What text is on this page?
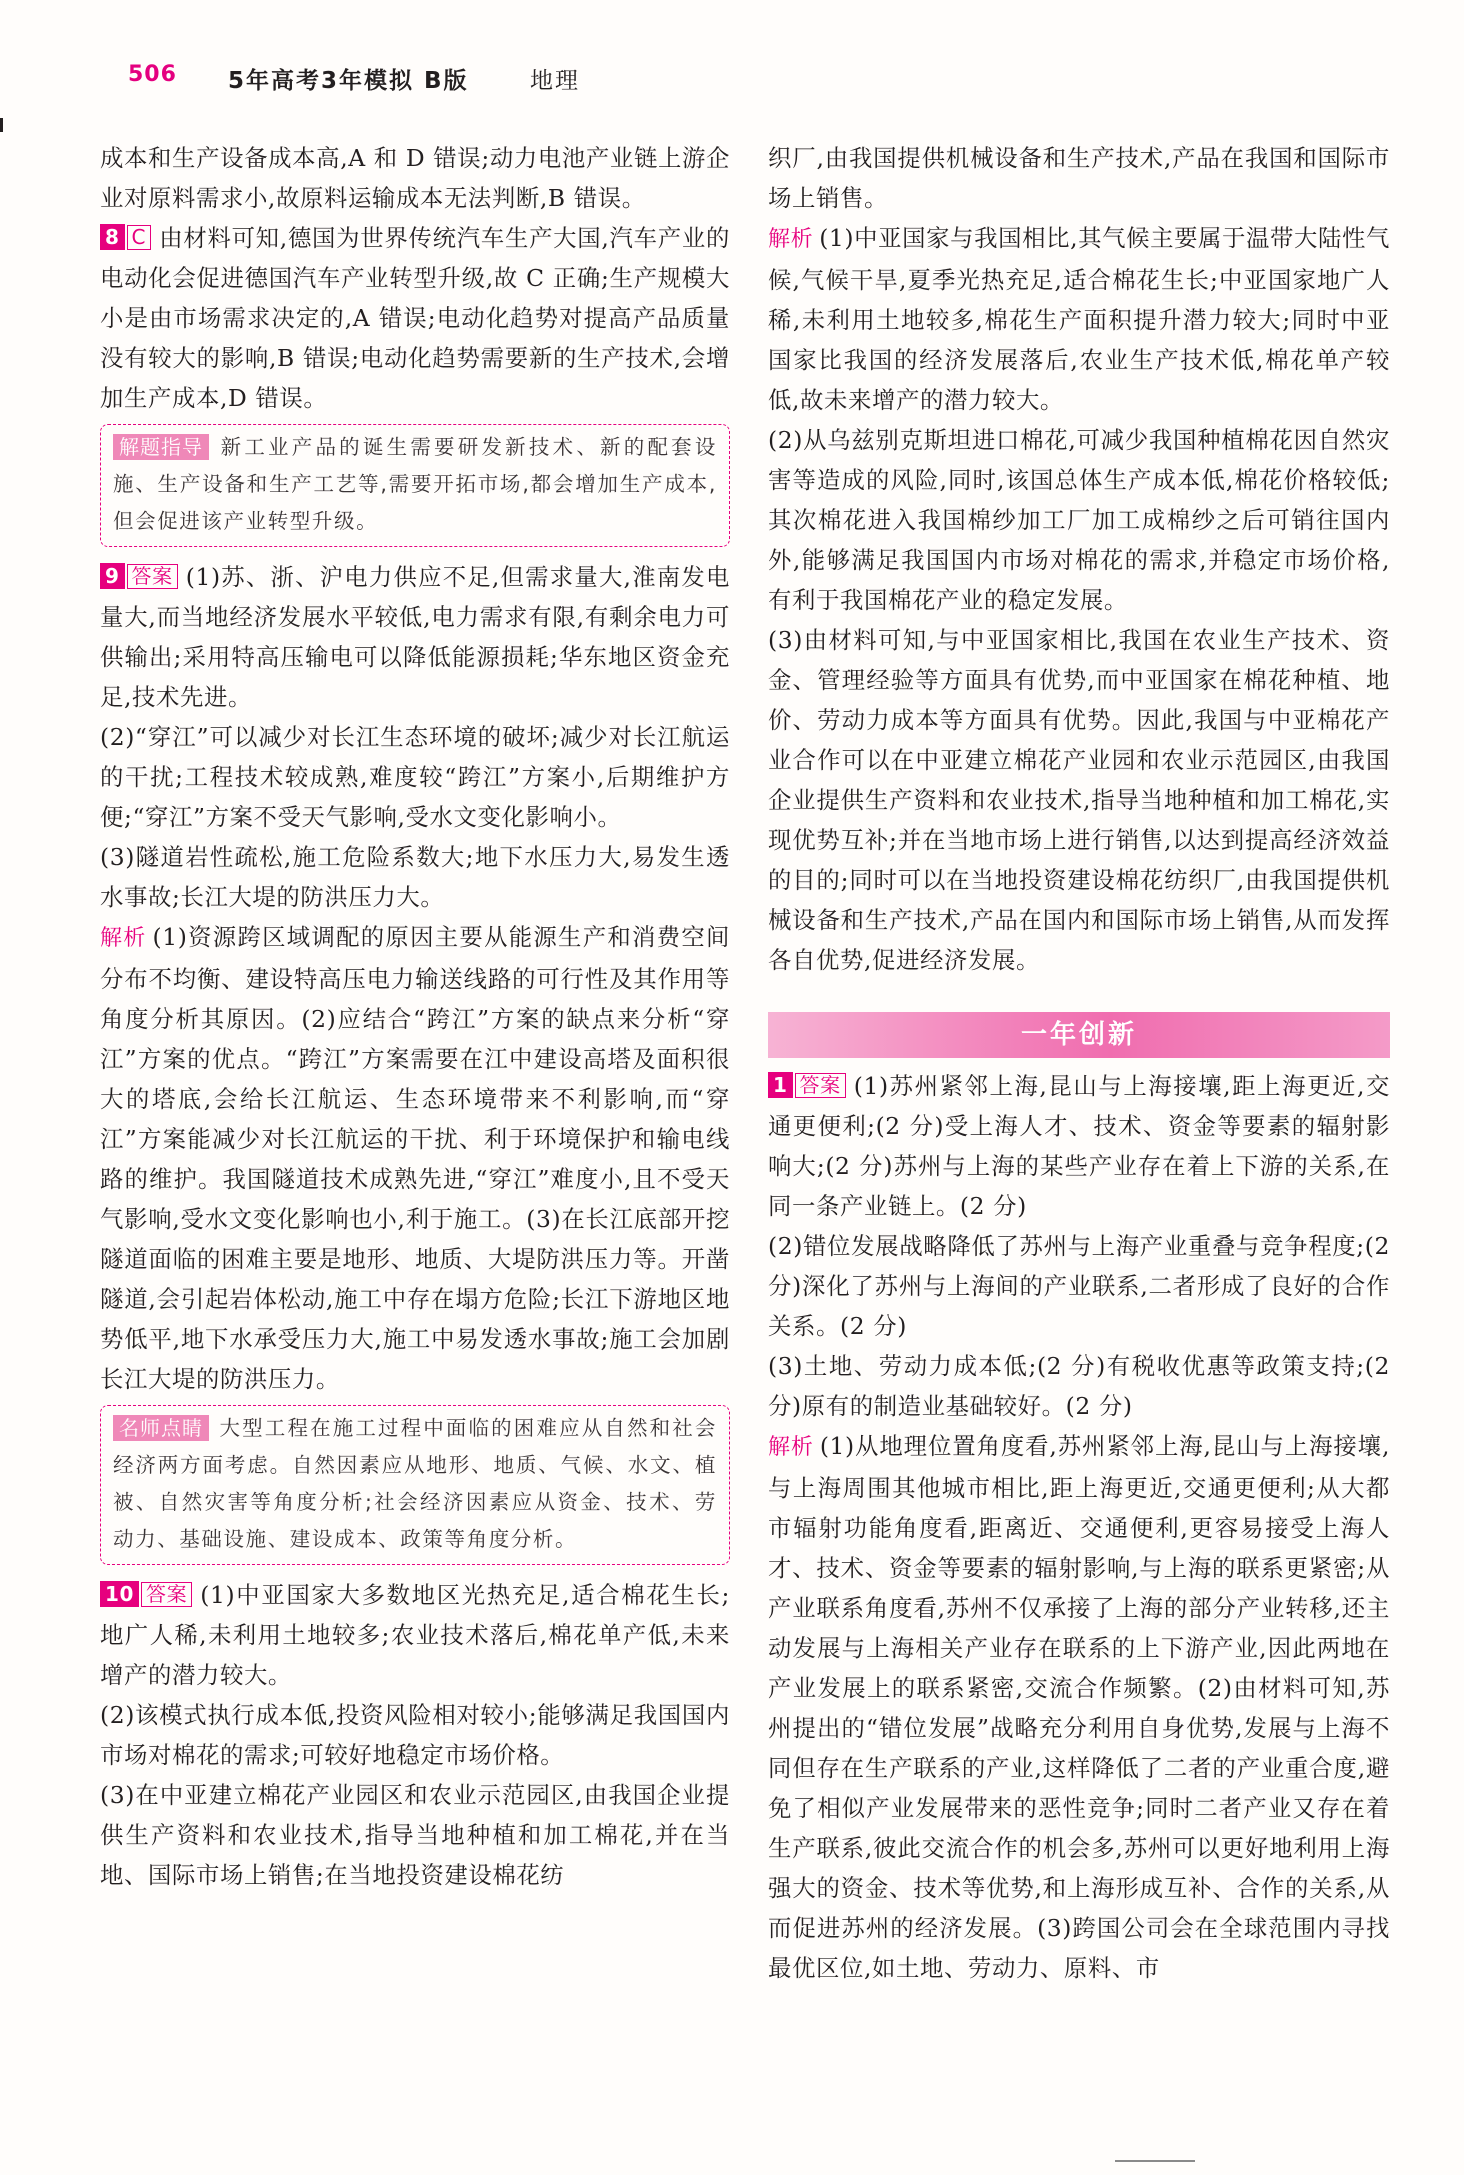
506 5年高考3年模拟 B版	地理

成本和生产设备成本高,A 和 D 错误;动力电池产业链上游企业对原料需求小,故原料运输成本无法判断,B 错误。

8 C 由材料可知,德国为世界传统汽车生产大国,汽车产业的电动化会促进德国汽车产业转型升级,故 C 正确;生产规模大小是由市场需求决定的,A 错误;电动化趋势对提高产品质量没有较大的影响,B 错误;电动化趋势需要新的生产技术,会增加生产成本,D 错误。

解题指导 新工业产品的诞生需要研发新技术、新的配套设施、生产设备和生产工艺等,需要开拓市场,都会增加生产成本,但会促进该产业转型升级。

9 答案 (1)苏、浙、沪电力供应不足,但需求量大,淮南发电量大,而当地经济发展水平较低,电力需求有限,有剩余电力可供输出;采用特高压输电可以降低能源损耗;华东地区资金充足,技术先进。

(2)“穿江”可以减少对长江生态环境的破坏;减少对长江航运的干扰;工程技术较成熟,难度较“跨江”方案小,后期维护方便;“穿江”方案不受天气影响,受水文变化影响小。

(3)隧道岩性疏松,施工危险系数大;地下水压力大,易发生透水事故;长江大堤的防洪压力大。

解析 (1)资源跨区域调配的原因主要从能源生产和消费空间分布不均衡、建设特高压电力输送线路的可行性及其作用等角度分析其原因。(2)应结合“跨江”方案的缺点来分析“穿江”方案的优点。“跨江”方案需要在江中建设高塔及面积很大的塔底,会给长江航运、生态环境带来不利影响,而“穿江”方案能减少对长江航运的干扰、利于环境保护和输电线路的维护。我国隧道技术成熟先进,“穿江”难度小,且不受天气影响,受水文变化影响也小,利于施工。(3)在长江底部开挖隧道面临的困难主要是地形、地质、大堤防洪压力等。开凿隧道,会引起岩体松动,施工中存在塌方危险;长江下游地区地势低平,地下水承受压力大,施工中易发透水事故;施工会加剧长江大堤的防洪压力。

名师点睛 大型工程在施工过程中面临的困难应从自然和社会经济两方面考虑。自然因素应从地形、地质、气候、水文、植被、自然灾害等角度分析;社会经济因素应从资金、技术、劳动力、基础设施、建设成本、政策等角度分析。

10 答案 (1)中亚国家大多数地区光热充足,适合棉花生长;地广人稀,未利用土地较多;农业技术落后,棉花单产低,未来增产的潜力较大。

(2)该模式执行成本低,投资风险相对较小;能够满足我国国内市场对棉花的需求;可较好地稳定市场价格。

(3)在中亚建立棉花产业园区和农业示范园区,由我国企业提供生产资料和农业技术,指导当地种植和加工棉花,并在当地、国际市场上销售;在当地投资建设棉花纺

织厂,由我国提供机械设备和生产技术,产品在我国和国际市场上销售。

解析 (1)中亚国家与我国相比,其气候主要属于温带大陆性气候,气候干旱,夏季光热充足,适合棉花生长;中亚国家地广人稀,未利用土地较多,棉花生产面积提升潜力较大;同时中亚国家比我国的经济发展落后,农业生产技术低,棉花单产较低,故未来增产的潜力较大。

(2)从乌兹别克斯坦进口棉花,可减少我国种植棉花因自然灾害等造成的风险,同时,该国总体生产成本低,棉花价格较低;其次棉花进入我国棉纱加工厂加工成棉纱之后可销往国内外,能够满足我国国内市场对棉花的需求,并稳定市场价格,有利于我国棉花产业的稳定发展。

(3)由材料可知,与中亚国家相比,我国在农业生产技术、资金、管理经验等方面具有优势,而中亚国家在棉花种植、地价、劳动力成本等方面具有优势。因此,我国与中亚棉花产业合作可以在中亚建立棉花产业园和农业示范园区,由我国企业提供生产资料和农业技术,指导当地种植和加工棉花,实现优势互补;并在当地市场上进行销售,以达到提高经济效益的目的;同时可以在当地投资建设棉花纺织厂,由我国提供机械设备和生产技术,产品在国内和国际市场上销售,从而发挥各自优势,促进经济发展。

一年创新

1 答案 (1)苏州紧邻上海,昆山与上海接壤,距上海更近,交通更便利;(2 分)受上海人才、技术、资金等要素的辐射影响大;(2 分)苏州与上海的某些产业存在着上下游的关系,在同一条产业链上。(2 分)

(2)错位发展战略降低了苏州与上海产业重叠与竞争程度;(2 分)深化了苏州与上海间的产业联系,二者形成了良好的合作关系。(2 分)

(3)土地、劳动力成本低;(2 分)有税收优惠等政策支持;(2 分)原有的制造业基础较好。(2 分)

解析 (1)从地理位置角度看,苏州紧邻上海,昆山与上海接壤,与上海周围其他城市相比,距上海更近,交通更便利;从大都市辐射功能角度看,距离近、交通便利,更容易接受上海人才、技术、资金等要素的辐射影响,与上海的联系更紧密;从产业联系角度看,苏州不仅承接了上海的部分产业转移,还主动发展与上海相关产业存在联系的上下游产业,因此两地在产业发展上的联系紧密,交流合作频繁。(2)由材料可知,苏州提出的“错位发展”战略充分利用自身优势,发展与上海不同但存在生产联系的产业,这样降低了二者的产业重合度,避免了相似产业发展带来的恶性竞争;同时二者产业又存在着生产联系,彼此交流合作的机会多,苏州可以更好地利用上海强大的资金、技术等优势,和上海形成互补、合作的关系,从而促进苏州的经济发展。(3)跨国公司会在全球范围内寻找最优区位,如土地、劳动力、原料、市
